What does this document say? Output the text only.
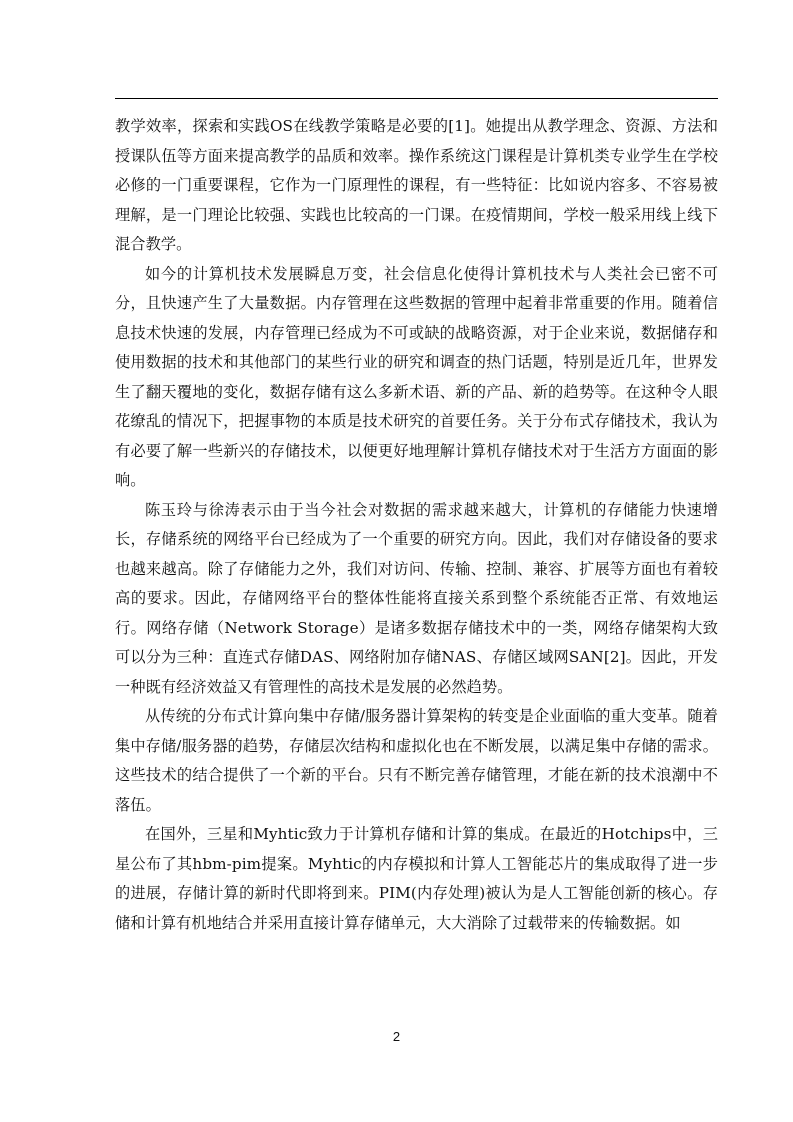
教学效率，探索和实践OS在线教学策略是必要的[1]。她提出从教学理念、资源、方法和授课队伍等方面来提高教学的品质和效率。操作系统这门课程是计算机类专业学生在学校必修的一门重要课程，它作为一门原理性的课程，有一些特征：比如说内容多、不容易被理解，是一门理论比较强、实践也比较高的一门课。在疫情期间，学校一般采用线上线下混合教学。

如今的计算机技术发展瞬息万变，社会信息化使得计算机技术与人类社会已密不可分，且快速产生了大量数据。内存管理在这些数据的管理中起着非常重要的作用。随着信息技术快速的发展，内存管理已经成为不可或缺的战略资源，对于企业来说，数据储存和使用数据的技术和其他部门的某些行业的研究和调查的热门话题，特别是近几年，世界发生了翻天覆地的变化，数据存储有这么多新术语、新的产品、新的趋势等。在这种令人眼花缭乱的情况下，把握事物的本质是技术研究的首要任务。关于分布式存储技术，我认为有必要了解一些新兴的存储技术，以便更好地理解计算机存储技术对于生活方方面面的影响。

陈玉玲与徐涛表示由于当今社会对数据的需求越来越大，计算机的存储能力快速增长，存储系统的网络平台已经成为了一个重要的研究方向。因此，我们对存储设备的要求也越来越高。除了存储能力之外，我们对访问、传输、控制、兼容、扩展等方面也有着较高的要求。因此，存储网络平台的整体性能将直接关系到整个系统能否正常、有效地运行。网络存储（Network Storage）是诸多数据存储技术中的一类，网络存储架构大致可以分为三种：直连式存储DAS、网络附加存储NAS、存储区域网SAN[2]。因此，开发一种既有经济效益又有管理性的高技术是发展的必然趋势。

从传统的分布式计算向集中存储/服务器计算架构的转变是企业面临的重大变革。随着集中存储/服务器的趋势，存储层次结构和虚拟化也在不断发展，以满足集中存储的需求。这些技术的结合提供了一个新的平台。只有不断完善存储管理，才能在新的技术浪潮中不落伍。

在国外，三星和Myhtic致力于计算机存储和计算的集成。在最近的Hotchips中，三星公布了其hbm-pim提案。Myhtic的内存模拟和计算人工智能芯片的集成取得了进一步的进展，存储计算的新时代即将到来。PIM(内存处理)被认为是人工智能创新的核心。存储和计算有机地结合并采用直接计算存储单元，大大消除了过载带来的传输数据。如

2
